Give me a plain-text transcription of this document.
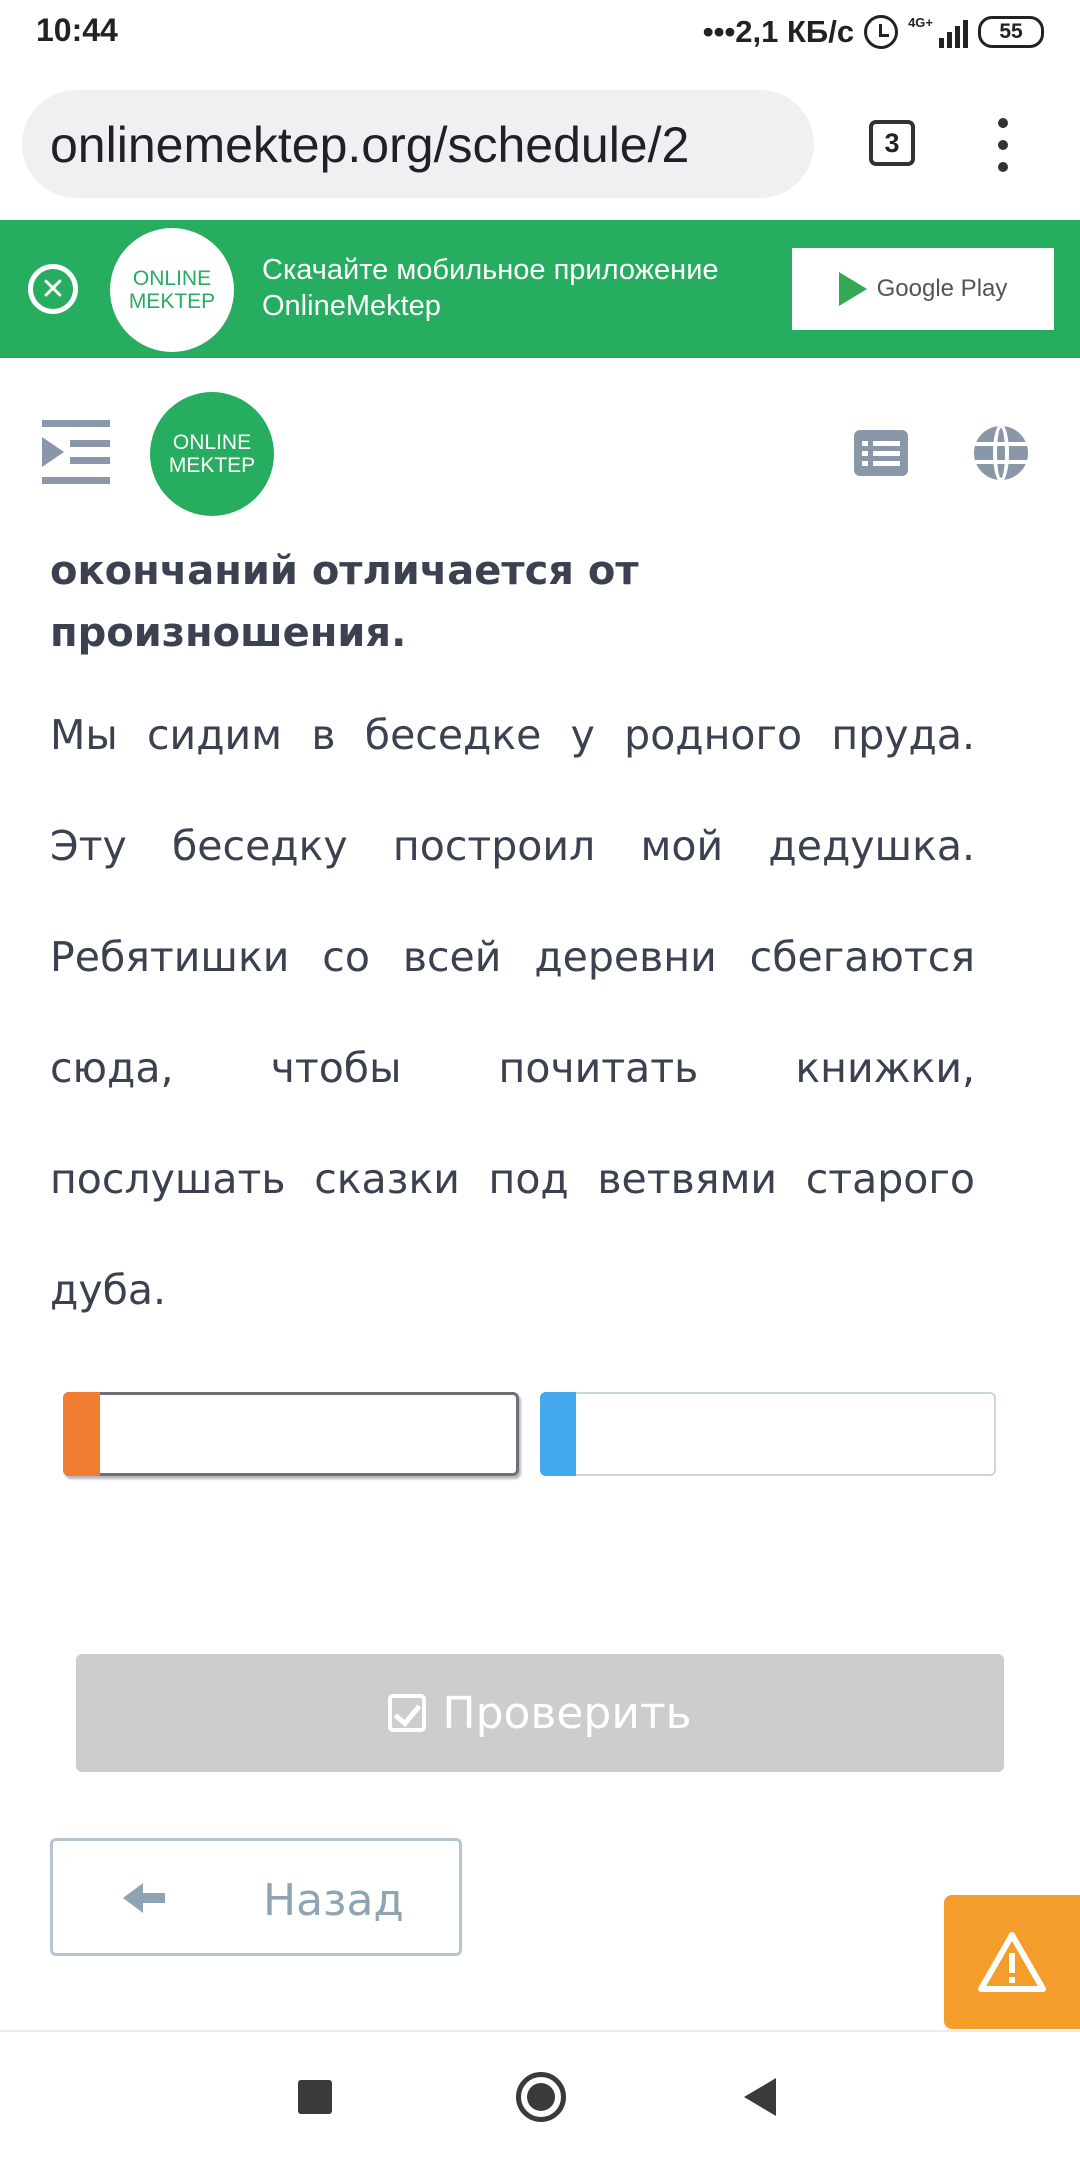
10:44	•••2,1 КБ/с	4G+	55
onlinemektep.org/schedule/2	3
✕	ONLINE
MEKTEP
Скачайте мобильное приложение
OnlineMektep
Google Play
ONLINE
MEKTEP
окончаний отличается от
произношения.
Мы сидим в беседке у родного пруда. Эту беседку построил мой дедушка. Ребятишки со всей деревни сбегаются сюда, чтобы почитать книжки, послушать сказки под ветвями старого дуба.
Проверить
Назад
